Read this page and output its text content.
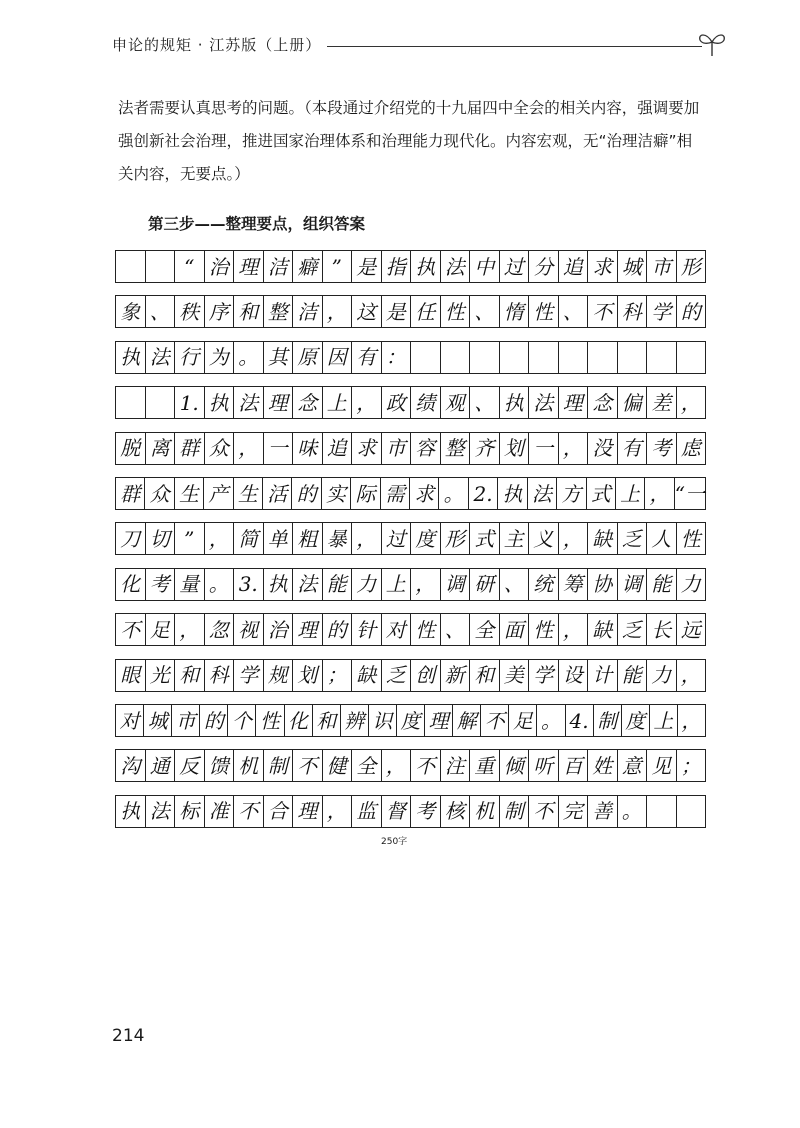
申论的规矩 · 江苏版（上册）
法者需要认真思考的问题。（本段通过介绍党的十九届四中全会的相关内容，强调要加
强创新社会治理，推进国家治理体系和治理能力现代化。内容宏观，无“治理洁癖”相
关内容，无要点。）
第三步——整理要点，组织答案
“ 治 理 洁 癖 ” 是 指 执 法 中 过 分 追 求 城 市 形
象 、 秩 序 和 整 洁 ， 这 是 任 性 、 惰 性 、 不 科 学 的
执 法 行 为 。 其 原 因 有 ：
1. 执 法 理 念 上 ， 政 绩 观 、 执 法 理 念 偏 差 ，
脱 离 群 众 ， 一 味 追 求 市 容 整 齐 划 一 ， 没 有 考 虑
群 众 生 产 生 活 的 实 际 需 求 。 2. 执 法 方 式 上 ， “一
刀 切 ” ， 简 单 粗 暴 ， 过 度 形 式 主 义 ， 缺 乏 人 性
化 考 量 。 3. 执 法 能 力 上 ， 调 研 、 统 筹 协 调 能 力
不 足 ， 忽 视 治 理 的 针 对 性 、 全 面 性 ， 缺 乏 长 远
眼 光 和 科 学 规 划 ； 缺 乏 创 新 和 美 学 设 计 能 力 ，
对 城 市 的 个 性 化 和 辨 识 度 理 解 不 足 。 4. 制 度 上 ，
沟 通 反 馈 机 制 不 健 全 ， 不 注 重 倾 听 百 姓 意 见 ；
执 法 标 准 不 合 理 ， 监 督 考 核 机 制 不 完 善 。
250字
214
